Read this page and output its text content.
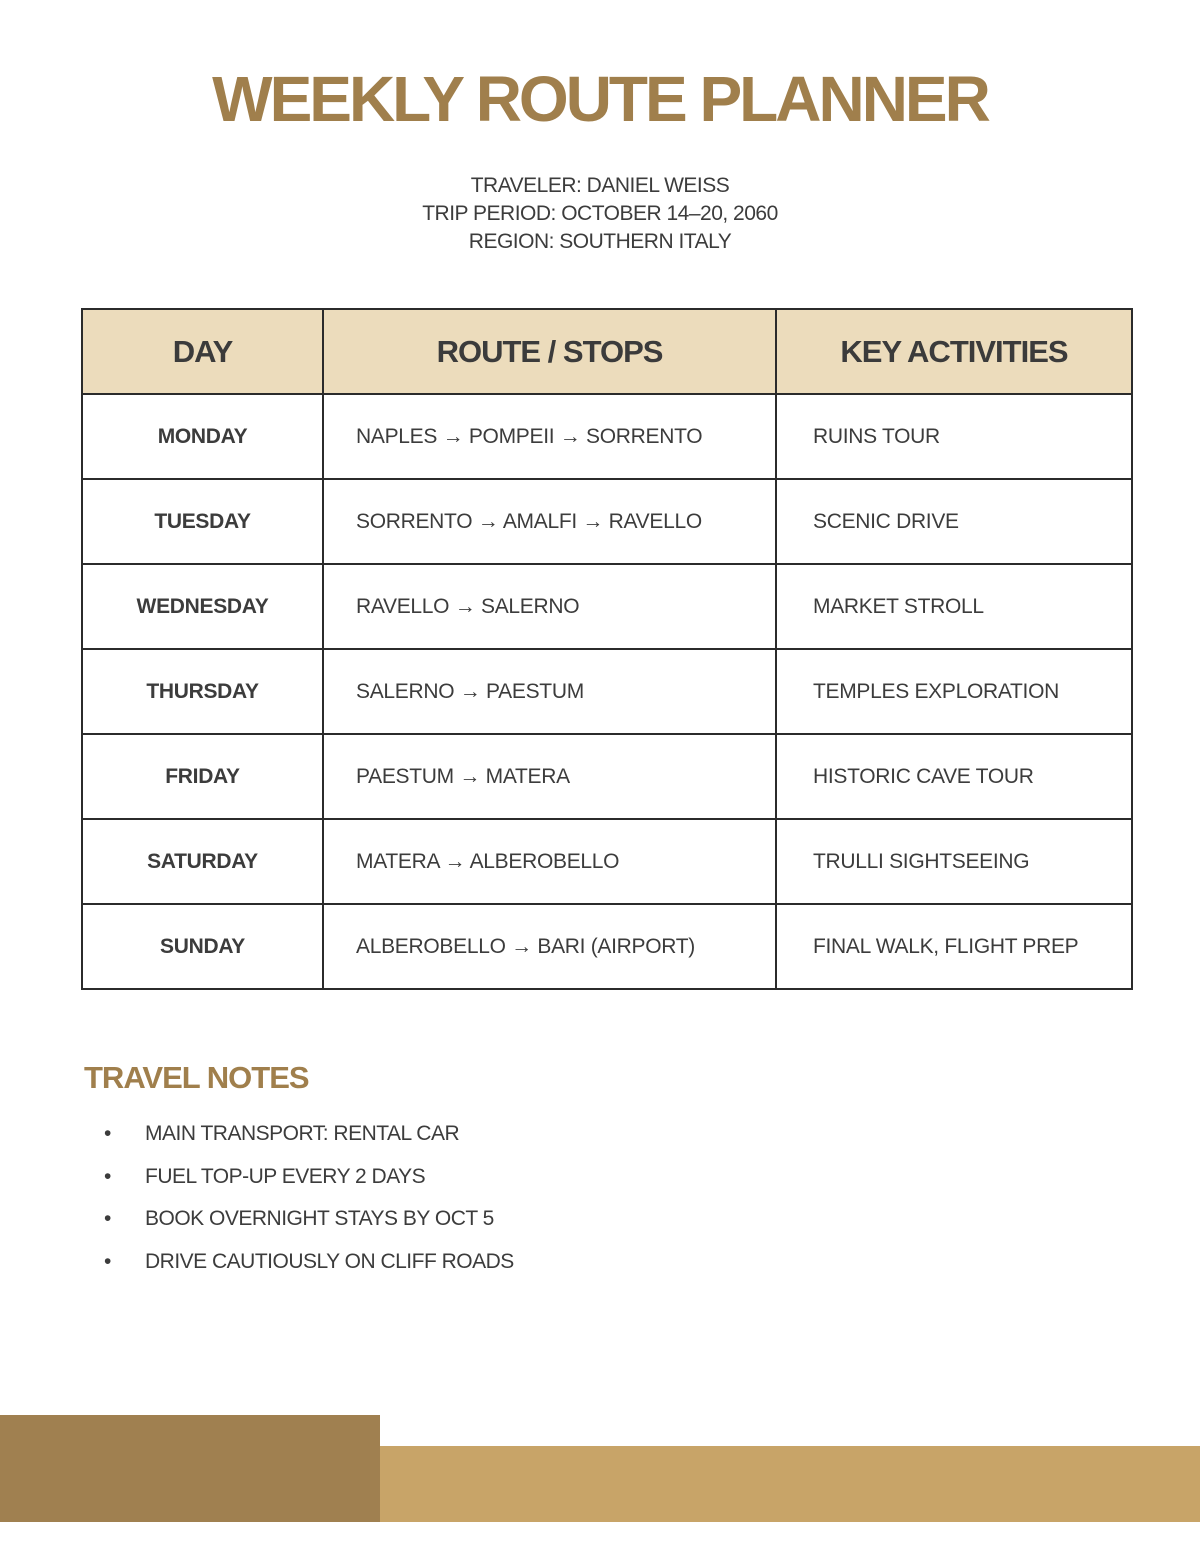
WEEKLY ROUTE PLANNER
TRAVELER: DANIEL WEISS
TRIP PERIOD: OCTOBER 14–20, 2060
REGION: SOUTHERN ITALY
DAY	ROUTE / STOPS	KEY ACTIVITIES
MONDAY	NAPLES → POMPEII → SORRENTO	RUINS TOUR
TUESDAY	SORRENTO → AMALFI → RAVELLO	SCENIC DRIVE
WEDNESDAY	RAVELLO → SALERNO	MARKET STROLL
THURSDAY	SALERNO → PAESTUM	TEMPLES EXPLORATION
FRIDAY	PAESTUM → MATERA	HISTORIC CAVE TOUR
SATURDAY	MATERA → ALBEROBELLO	TRULLI SIGHTSEEING
SUNDAY	ALBEROBELLO → BARI (AIRPORT)	FINAL WALK, FLIGHT PREP
TRAVEL NOTES
• MAIN TRANSPORT: RENTAL CAR
• FUEL TOP-UP EVERY 2 DAYS
• BOOK OVERNIGHT STAYS BY OCT 5
• DRIVE CAUTIOUSLY ON CLIFF ROADS
